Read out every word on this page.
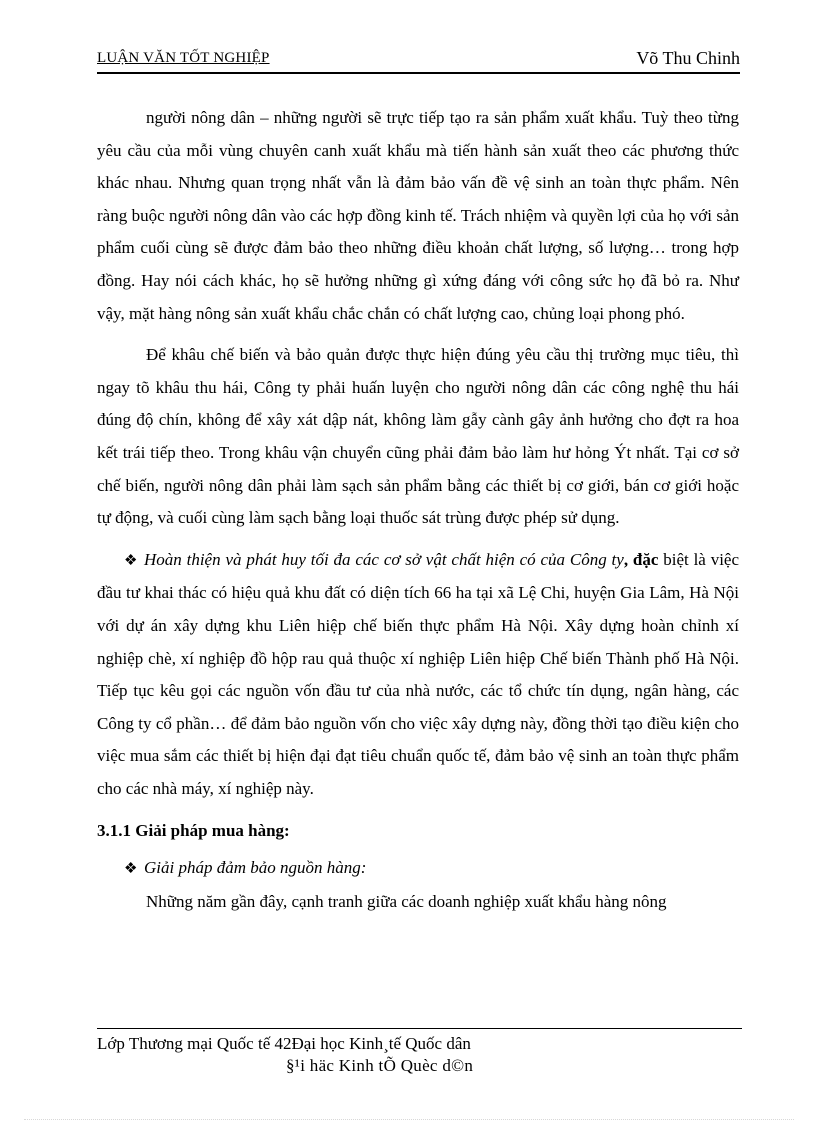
LUẬN VĂN TỐT NGHIỆP	Võ Thu Chinh

người nông dân – những người sẽ trực tiếp tạo ra sản phẩm xuất khẩu. Tuỳ theo từng yêu cầu của mỗi vùng chuyên canh xuất khẩu mà tiến hành sản xuất theo các phương thức khác nhau. Nhưng quan trọng nhất vẫn là đảm bảo vấn đề vệ sinh an toàn thực phẩm. Nên ràng buộc người nông dân vào các hợp đồng kinh tế. Trách nhiệm và quyền lợi của họ với sản phẩm cuối cùng sẽ được đảm bảo theo những điều khoản chất lượng, số lượng… trong hợp đồng. Hay nói cách khác, họ sẽ hưởng những gì xứng đáng với công sức họ đã bỏ ra. Như vậy, mặt hàng nông sản xuất khẩu chắc chắn có chất lượng cao, chủng loại phong phó.

Để khâu chế biến và bảo quản được thực hiện đúng yêu cầu thị trường mục tiêu, thì ngay tõ khâu thu hái, Công ty phải huấn luyện cho người nông dân các công nghệ thu hái đúng độ chín, không để xây xát dập nát, không làm gẫy cành gây ảnh hưởng cho đợt ra hoa kết trái tiếp theo. Trong khâu vận chuyển cũng phải đảm bảo làm hư hỏng Ýt nhất. Tại cơ sở chế biến, người nông dân phải làm sạch sản phẩm bằng các thiết bị cơ giới, bán cơ giới hoặc tự động, và cuối cùng làm sạch bằng loại thuốc sát trùng được phép sử dụng.

❖ Hoàn thiện và phát huy tối đa các cơ sở vật chất hiện có của Công ty, đặc biệt là việc đầu tư khai thác có hiệu quả khu đất có diện tích 66 ha tại xã Lệ Chi, huyện Gia Lâm, Hà Nội với dự án xây dựng khu Liên hiệp chế biến thực phẩm Hà Nội. Xây dựng hoàn chỉnh xí nghiệp chè, xí nghiệp đồ hộp rau quả thuộc xí nghiệp Liên hiệp Chế biến Thành phố Hà Nội. Tiếp tục kêu gọi các nguồn vốn đầu tư của nhà nước, các tổ chức tín dụng, ngân hàng, các Công ty cổ phần… để đảm bảo nguồn vốn cho việc xây dựng này, đồng thời tạo điều kiện cho việc mua sắm các thiết bị hiện đại đạt tiêu chuẩn quốc tế, đảm bảo vệ sinh an toàn thực phẩm cho các nhà máy, xí nghiệp này.

3.1.1 Giải pháp mua hàng:

❖ Giải pháp đảm bảo nguồn hàng:

Những năm gần đây, cạnh tranh giữa các doanh nghiệp xuất khẩu hàng nông

Lớp Thương mại Quốc tế 42Đại học Kinh¸tế Quốc dân
§¹i häc Kinh tÕ Quèc d©n
